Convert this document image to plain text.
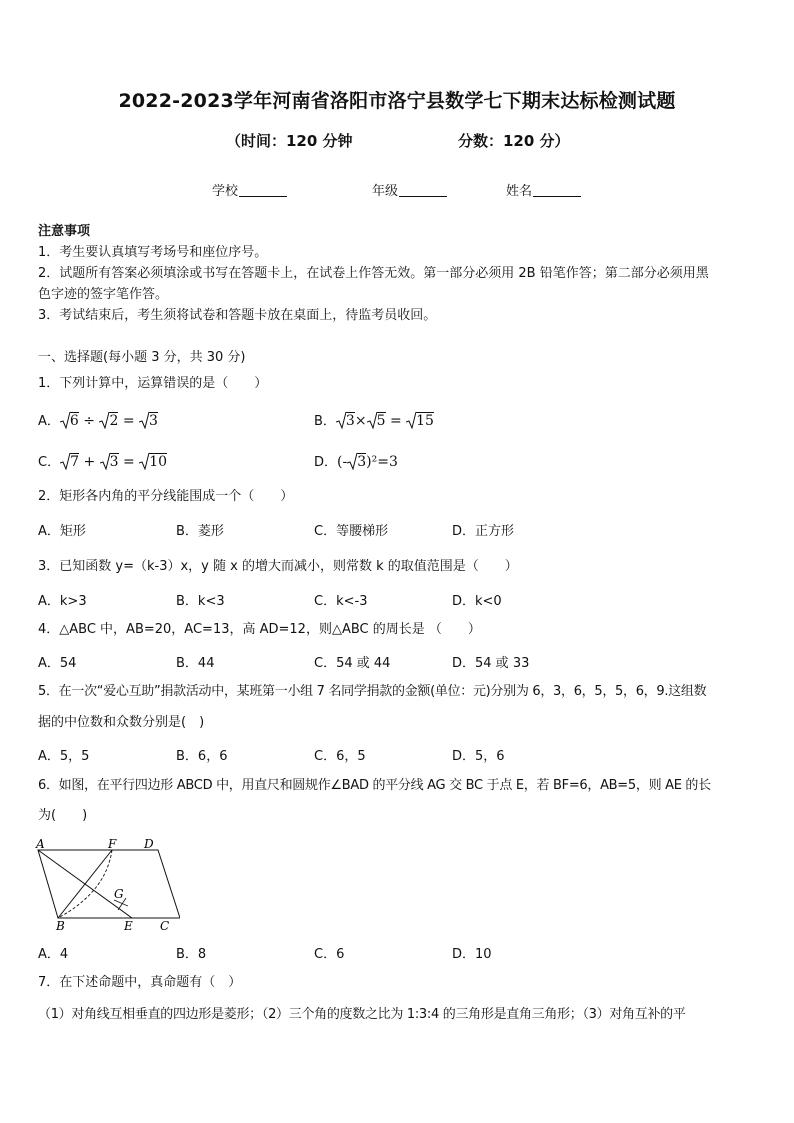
2022-2023学年河南省洛阳市洛宁县数学七下期末达标检测试题
（时间：120 分钟	分数：120 分）
学校	年级	姓名
注意事项
1．考生要认真填写考场号和座位序号。
2．试题所有答案必须填涂或书写在答题卡上，在试卷上作答无效。第一部分必须用 2B 铅笔作答；第二部分必须用黑
色字迹的签字笔作答。
3．考试结束后，考生须将试卷和答题卡放在桌面上，待监考员收回。
一、选择题(每小题 3 分，共 30 分)
1．下列计算中，运算错误的是（　　）
A． 6 ÷ 2 = 3	B． 3× 5 = 15
C． 7 + 3 = 10	D．(- 3)²=3
2．矩形各内角的平分线能围成一个（　　）
A．矩形	B．菱形	C．等腰梯形	D．正方形
3．已知函数 y=（k-3）x，y 随 x 的增大而减小，则常数 k 的取值范围是（　　）
A．k>3	B．k<3	C．k<-3	D．k<0
4．△ABC 中，AB=20，AC=13，高 AD=12，则△ABC 的周长是 （　　）
A．54	B．44	C．54 或 44	D．54 或 33
5．在一次“爱心互助”捐款活动中，某班第一小组 7 名同学捐款的金额(单位：元)分别为 6，3，6，5，5，6，9.这组数
据的中位数和众数分别是(　)
A．5，5	B．6，6	C．6，5	D．5，6
6．如图，在平行四边形 ABCD 中，用直尺和圆规作∠BAD 的平分线 AG 交 BC 于点 E，若 BF=6，AB=5，则 AE 的长
为(　　)
A
B	C
D
E
F
G
A．4	B．8	C．6	D．10
7．在下述命题中，真命题有（　）
（1）对角线互相垂直的四边形是菱形；（2）三个角的度数之比为 1:3:4 的三角形是直角三角形；（3）对角互补的平
